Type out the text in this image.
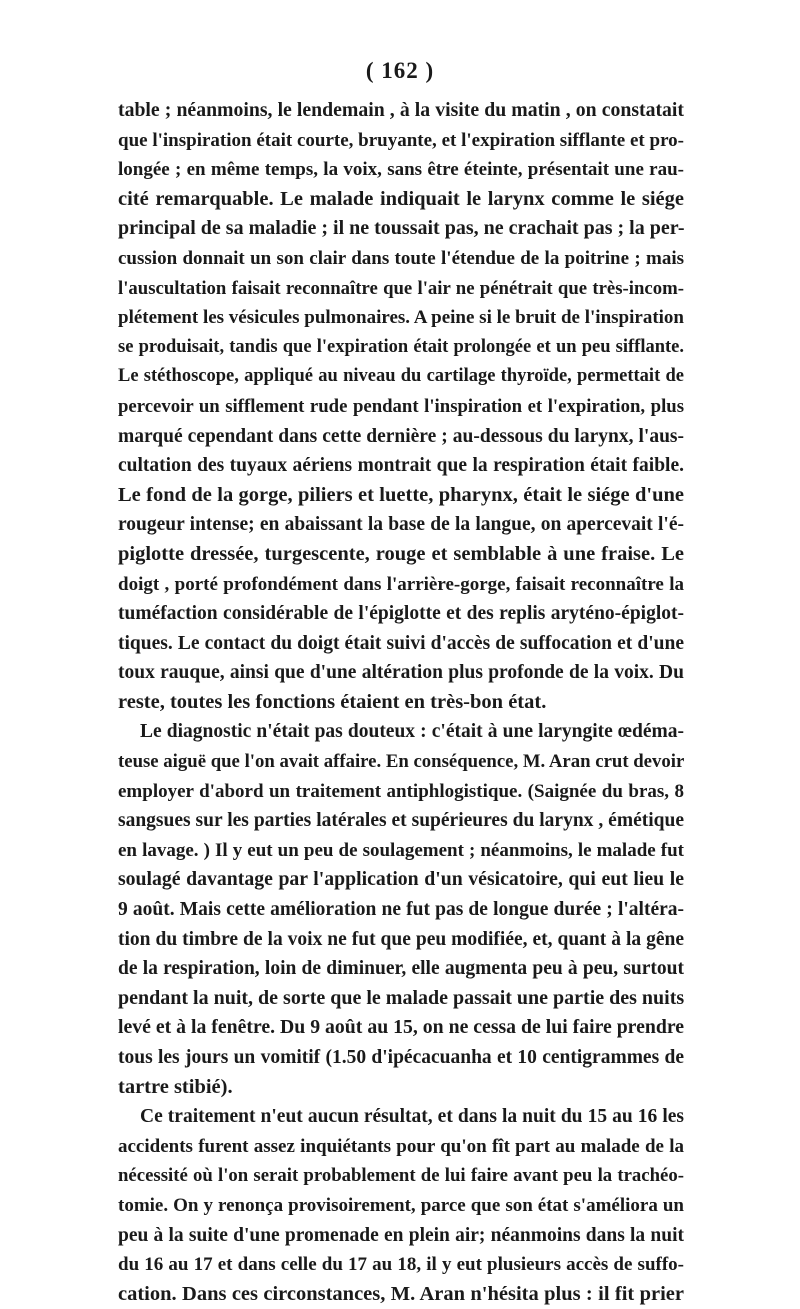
( 162 )
table ; néanmoins, le lendemain , à la visite du matin , on constatait
que l'inspiration était courte, bruyante, et l'expiration sifflante et pro-
longée ; en même temps, la voix, sans être éteinte, présentait une rau-
cité remarquable. Le malade indiquait le larynx comme le siége
principal de sa maladie ; il ne toussait pas, ne crachait pas ; la per-
cussion donnait un son clair dans toute l'étendue de la poitrine ; mais
l'auscultation faisait reconnaître que l'air ne pénétrait que très-incom-
plétement les vésicules pulmonaires. A peine si le bruit de l'inspiration
se produisait, tandis que l'expiration était prolongée et un peu sifflante.
Le stéthoscope, appliqué au niveau du cartilage thyroïde, permettait de
percevoir un sifflement rude pendant l'inspiration et l'expiration, plus
marqué cependant dans cette dernière ; au-dessous du larynx, l'aus-
cultation des tuyaux aériens montrait que la respiration était faible.
Le fond de la gorge, piliers et luette, pharynx, était le siége d'une
rougeur intense; en abaissant la base de la langue, on apercevait l'é-
piglotte dressée, turgescente, rouge et semblable à une fraise. Le
doigt , porté profondément dans l'arrière-gorge, faisait reconnaître la
tuméfaction considérable de l'épiglotte et des replis aryténo-épiglot-
tiques. Le contact du doigt était suivi d'accès de suffocation et d'une
toux rauque, ainsi que d'une altération plus profonde de la voix. Du
reste, toutes les fonctions étaient en très-bon état.
Le diagnostic n'était pas douteux : c'était à une laryngite œdéma-
teuse aiguë que l'on avait affaire. En conséquence, M. Aran crut devoir
employer d'abord un traitement antiphlogistique. (Saignée du bras, 8
sangsues sur les parties latérales et supérieures du larynx , émétique
en lavage. ) Il y eut un peu de soulagement ; néanmoins, le malade fut
soulagé davantage par l'application d'un vésicatoire, qui eut lieu le
9 août. Mais cette amélioration ne fut pas de longue durée ; l'altéra-
tion du timbre de la voix ne fut que peu modifiée, et, quant à la gêne
de la respiration, loin de diminuer, elle augmenta peu à peu, surtout
pendant la nuit, de sorte que le malade passait une partie des nuits
levé et à la fenêtre. Du 9 août au 15, on ne cessa de lui faire prendre
tous les jours un vomitif (1.50 d'ipécacuanha et 10 centigrammes de
tartre stibié).
Ce traitement n'eut aucun résultat, et dans la nuit du 15 au 16 les
accidents furent assez inquiétants pour qu'on fît part au malade de la
nécessité où l'on serait probablement de lui faire avant peu la trachéo-
tomie. On y renonça provisoirement, parce que son état s'améliora un
peu à la suite d'une promenade en plein air; néanmoins dans la nuit
du 16 au 17 et dans celle du 17 au 18, il y eut plusieurs accès de suffo-
cation. Dans ces circonstances, M. Aran n'hésita plus : il fit prier
